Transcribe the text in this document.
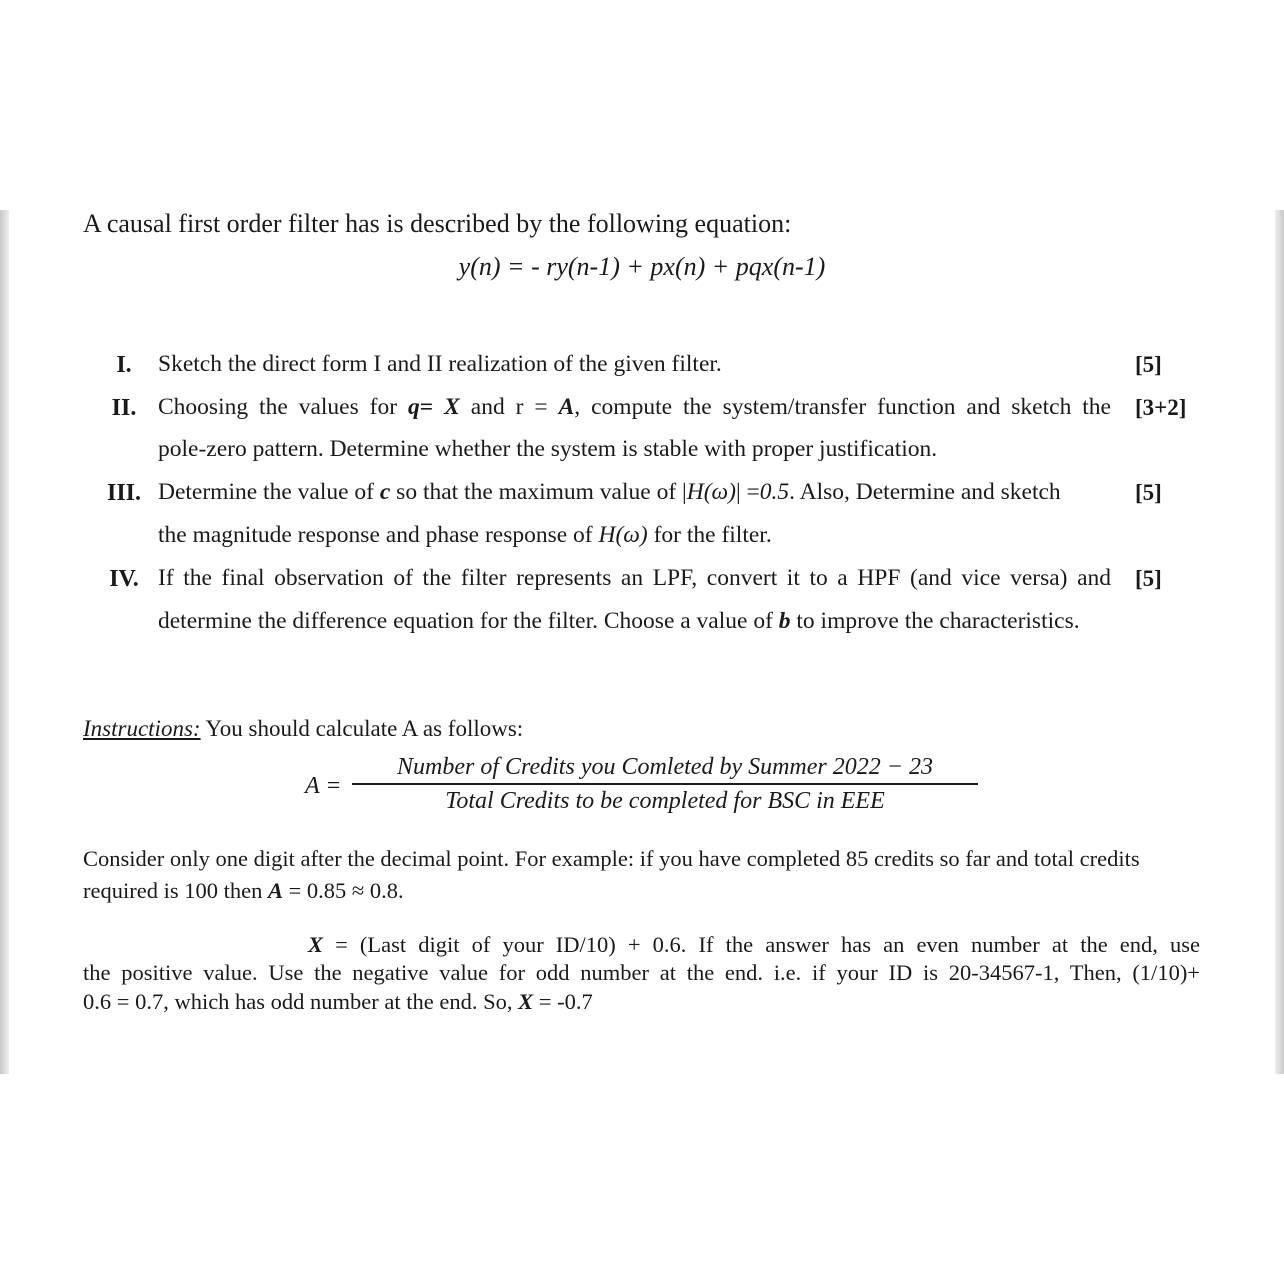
A causal first order filter has is described by the following equation:
y(n) = - ry(n-1) + px(n) + pqx(n-1)
I.	Sketch the direct form I and II realization of the given filter.	[5]
II. Choosing the values for q= X and r = A, compute the system/transfer function and sketch the
pole-zero pattern. Determine whether the system is stable with proper justification.
[3+2]
III. Determine the value of c so that the maximum value of |H(ω)| =0.5. Also, Determine and sketch
the magnitude response and phase response of H(ω) for the filter.
[5]
IV. If the final observation of the filter represents an LPF, convert it to a HPF (and vice versa) and
determine the difference equation for the filter. Choose a value of b to improve the characteristics.
[5]
Instructions: You should calculate A as follows:
A =
Number of Credits you Comleted by Summer 2022 − 23
Total Credits to be completed for BSC in EEE
Consider only one digit after the decimal point. For example: if you have completed 85 credits so far and total credits required is 100 then A = 0.85 ≈ 0.8.
X = (Last digit of your ID/10) + 0.6. If the answer has an even number at the end, use
the positive value. Use the negative value for odd number at the end. i.e. if your ID is 20-34567-1, Then, (1/10)+
0.6 = 0.7, which has odd number at the end. So, X = -0.7
